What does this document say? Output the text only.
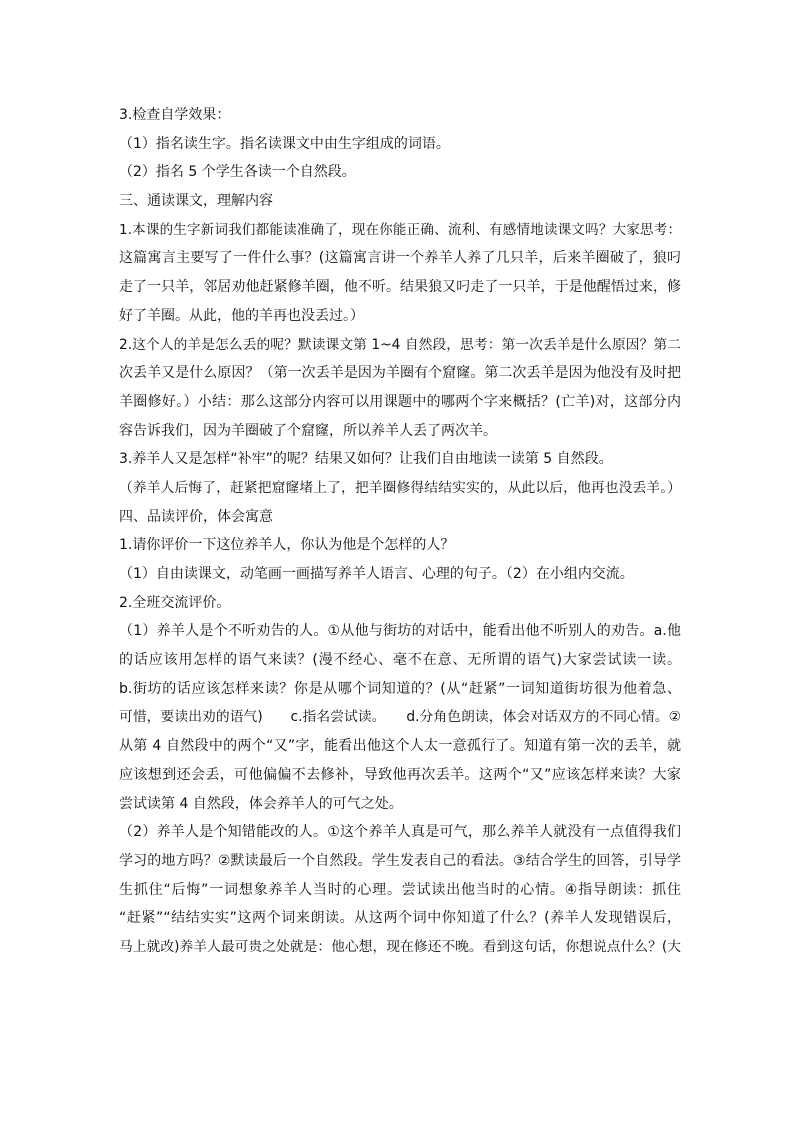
3.检查自学效果：
（1）指名读生字。指名读课文中由生字组成的词语。
（2）指名 5 个学生各读一个自然段。
三、通读课文，理解内容
1.本课的生字新词我们都能读准确了，现在你能正确、流利、有感情地读课文吗？大家思考：
这篇寓言主要写了一件什么事？(这篇寓言讲一个养羊人养了几只羊，后来羊圈破了，狼叼
走了一只羊，邻居劝他赶紧修羊圈，他不听。结果狼又叼走了一只羊，于是他醒悟过来，修
好了羊圈。从此，他的羊再也没丢过。）
2.这个人的羊是怎么丢的呢？默读课文第 1~4 自然段，思考：第一次丢羊是什么原因？第二
次丢羊又是什么原因？（第一次丢羊是因为羊圈有个窟窿。第二次丢羊是因为他没有及时把
羊圈修好。）小结：那么这部分内容可以用课题中的哪两个字来概括？(亡羊)对，这部分内
容告诉我们，因为羊圈破了个窟窿，所以养羊人丢了两次羊。
3.养羊人又是怎样“补牢”的呢？结果又如何？让我们自由地读一读第 5 自然段。
（养羊人后悔了，赶紧把窟窿堵上了，把羊圈修得结结实实的，从此以后，他再也没丢羊。）
四、品读评价，体会寓意
1.请你评价一下这位养羊人，你认为他是个怎样的人？
（1）自由读课文，动笔画一画描写养羊人语言、心理的句子。（2）在小组内交流。
2.全班交流评价。
（1）养羊人是个不听劝告的人。①从他与街坊的对话中，能看出他不听别人的劝告。a.他
的话应该用怎样的语气来读？(漫不经心、毫不在意、无所谓的语气)大家尝试读一读。
b.街坊的话应该怎样来读？你是从哪个词知道的？(从“赶紧”一词知道街坊很为他着急、
可惜，要读出劝的语气)　　c.指名尝试读。　　d.分角色朗读，体会对话双方的不同心情。②
从第 4 自然段中的两个“又”字，能看出他这个人太一意孤行了。知道有第一次的丢羊，就
应该想到还会丢，可他偏偏不去修补，导致他再次丢羊。这两个“又”应该怎样来读？大家
尝试读第 4 自然段，体会养羊人的可气之处。
（2）养羊人是个知错能改的人。①这个养羊人真是可气，那么养羊人就没有一点值得我们
学习的地方吗？②默读最后一个自然段。学生发表自己的看法。③结合学生的回答，引导学
生抓住“后悔”一词想象养羊人当时的心理。尝试读出他当时的心情。④指导朗读：抓住
“赶紧”“结结实实”这两个词来朗读。从这两个词中你知道了什么？(养羊人发现错误后，
马上就改)养羊人最可贵之处就是：他心想，现在修还不晚。看到这句话，你想说点什么？(大
